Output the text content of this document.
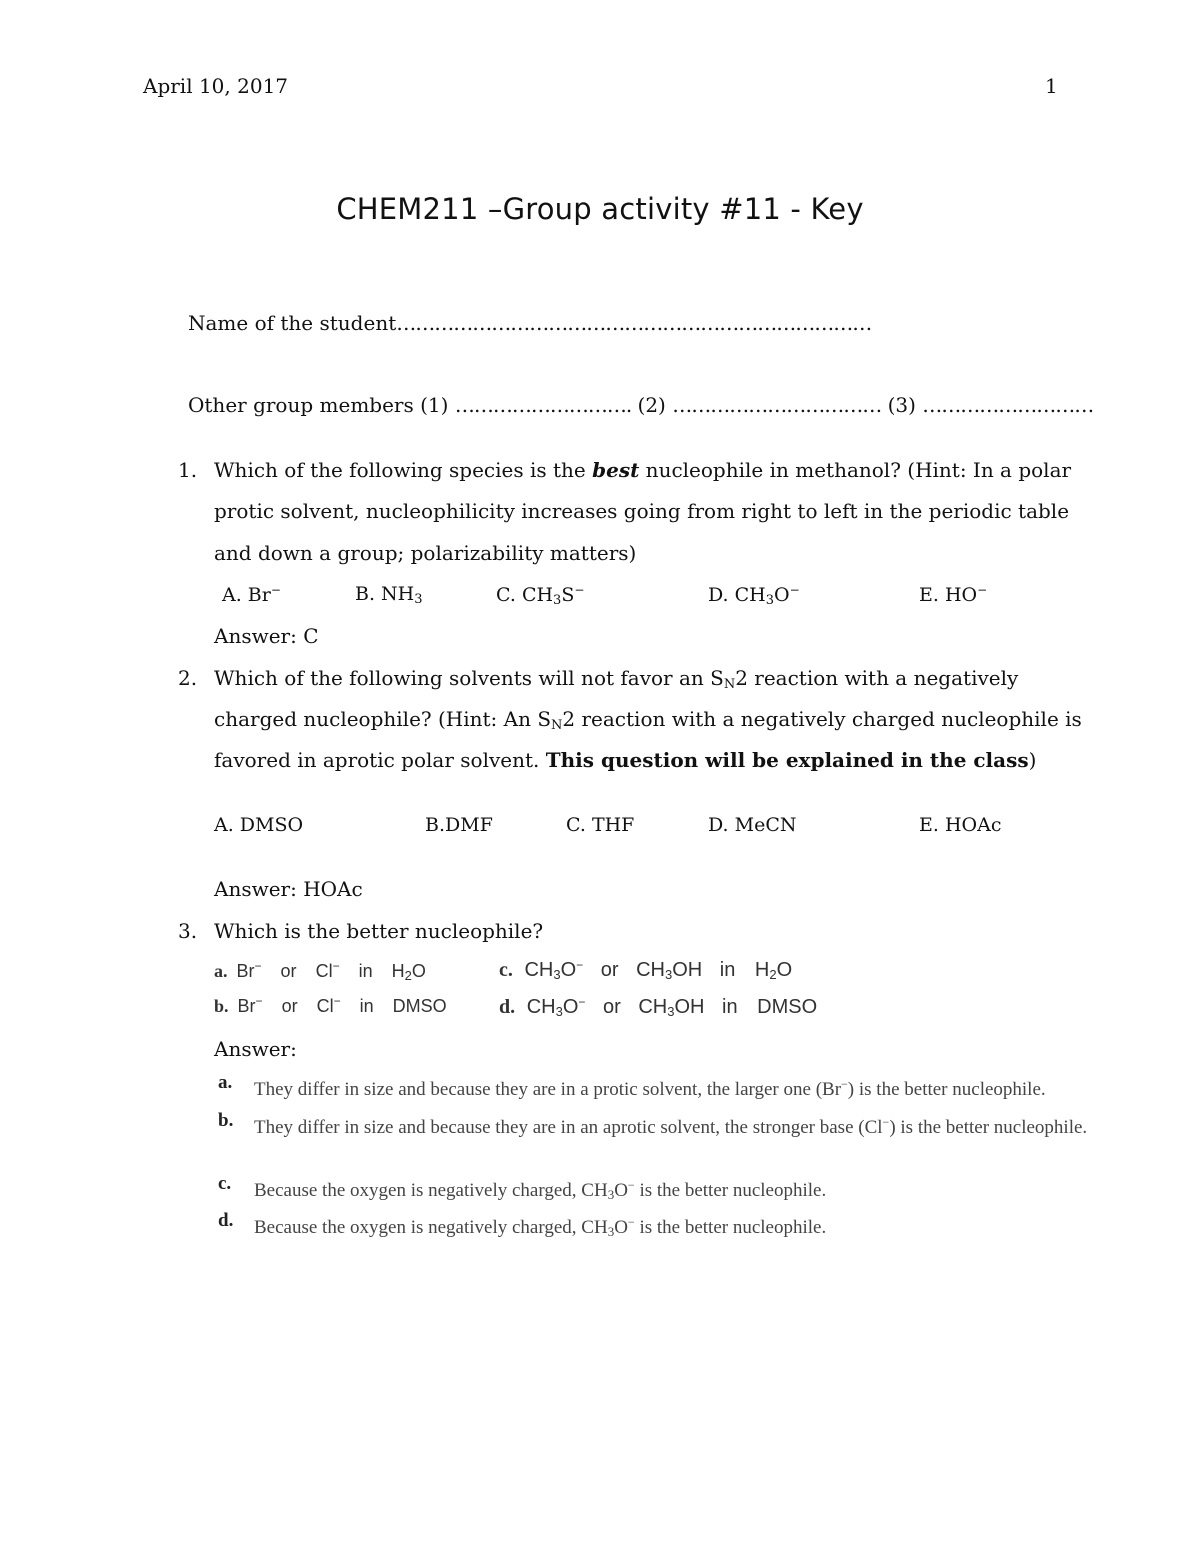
April 10, 2017	1
CHEM211 –Group activity #11 - Key
Name of the student…………………………………………………………………
Other group members (1) ………………………. (2) …………………………… (3) ………………………
1. Which of the following species is the best nucleophile in methanol? (Hint: In a polar
protic solvent, nucleophilicity increases going from right to left in the periodic table
and down a group; polarizability matters)
A. Br−	B. $NH_3$	C. $CH_3S^-$	D. $CH_3O^-$	E. HO−
Answer: C
2. Which of the following solvents will not favor an $S_N2$ reaction with a negatively
charged nucleophile? (Hint: An $S_N2$ reaction with a negatively charged nucleophile is
favored in aprotic polar solvent. This question will be explained in the class)
A. DMSO	B.DMF	C. THF	D. MeCN	E. HOAc
Answer: HOAc
3. Which is the better nucleophile?
a. Br− or Cl− in $H_2O$
b. Br− or Cl− in DMSO
c. $CH_3O^-$ or $CH_3OH$ in $H_2O$
d. $CH_3O^-$ or $CH_3OH$ in DMSO
Answer:
a. They differ in size and because they are in a protic solvent, the larger one (Br−) is the better nucleophile.
b. They differ in size and because they are in an aprotic solvent, the stronger base (Cl−) is the better nucleophile.
c. Because the oxygen is negatively charged, $CH_3O^-$ is the better nucleophile.
d. Because the oxygen is negatively charged, $CH_3O^-$ is the better nucleophile.
